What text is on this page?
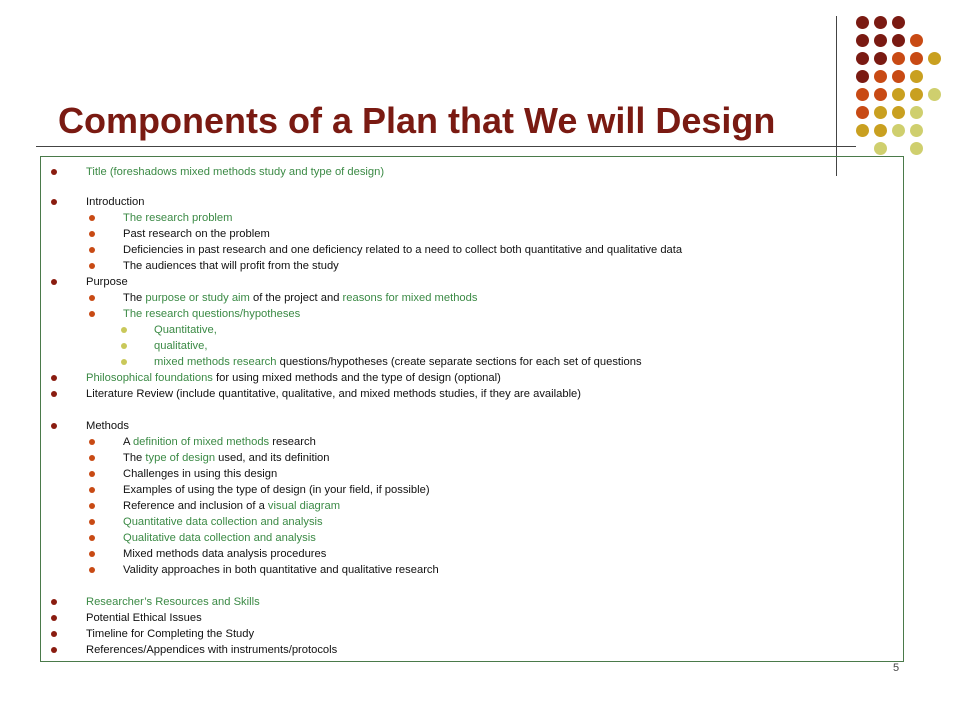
Components of a Plan that We will Design
Title (foreshadows mixed methods study and type of design)
Introduction
The research problem
Past research on the problem
Deficiencies in past research and one deficiency related to a need to collect both quantitative and qualitative data
The audiences that will profit from the study
Purpose
The purpose or study aim of the project and reasons for mixed methods
The research questions/hypotheses
Quantitative,
qualitative,
mixed methods research questions/hypotheses (create separate sections for each set of questions
Philosophical foundations for using mixed methods and the type of design (optional)
Literature Review (include quantitative, qualitative, and mixed methods studies, if they are available)
Methods
A definition of mixed methods research
The type of design used, and its definition
Challenges in using this design
Examples of using the type of design (in your field, if possible)
Reference and inclusion of a visual diagram
Quantitative data collection and analysis
Qualitative data collection and analysis
Mixed methods data analysis procedures
Validity approaches in both quantitative and qualitative research
Researcher’s Resources and Skills
Potential Ethical Issues
Timeline for Completing the Study
References/Appendices with instruments/protocols
5
